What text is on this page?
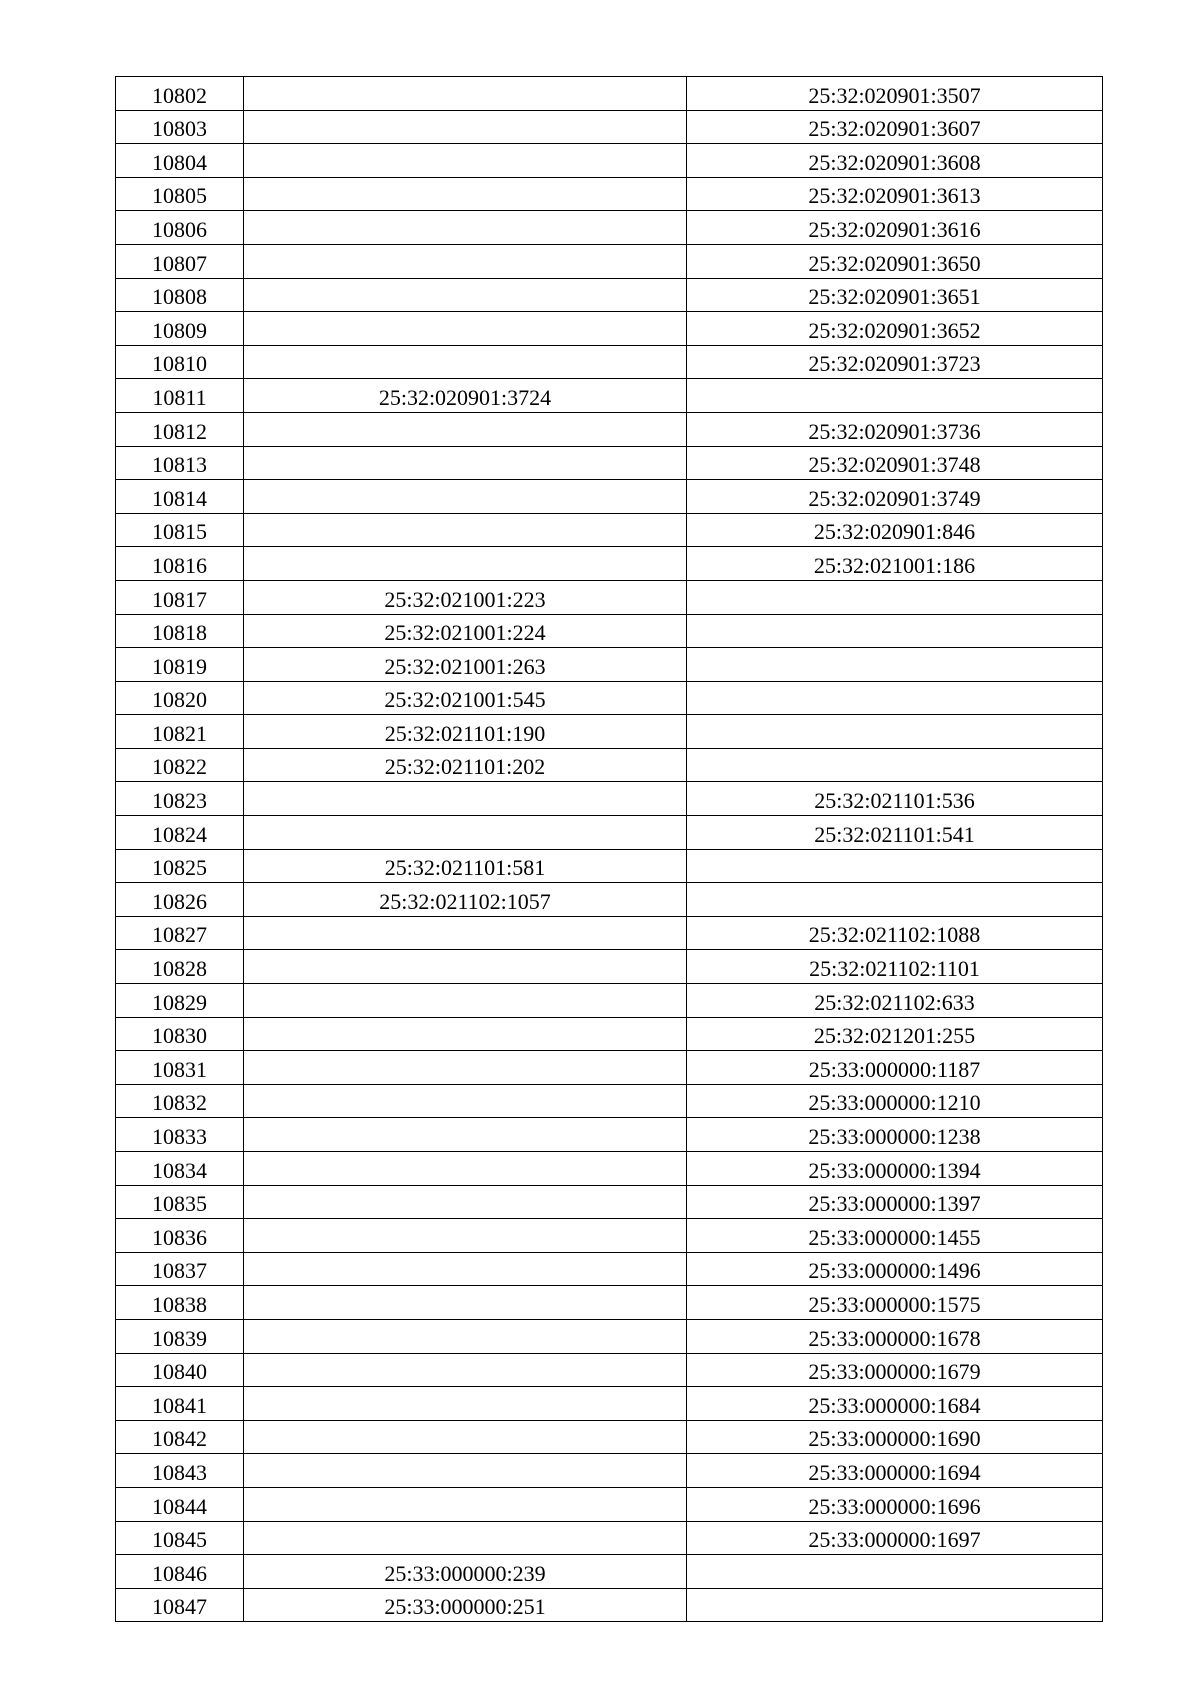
10802		25:32:020901:3507
10803		25:32:020901:3607
10804		25:32:020901:3608
10805		25:32:020901:3613
10806		25:32:020901:3616
10807		25:32:020901:3650
10808		25:32:020901:3651
10809		25:32:020901:3652
10810		25:32:020901:3723
10811	25:32:020901:3724	
10812		25:32:020901:3736
10813		25:32:020901:3748
10814		25:32:020901:3749
10815		25:32:020901:846
10816		25:32:021001:186
10817	25:32:021001:223	
10818	25:32:021001:224	
10819	25:32:021001:263	
10820	25:32:021001:545	
10821	25:32:021101:190	
10822	25:32:021101:202	
10823		25:32:021101:536
10824		25:32:021101:541
10825	25:32:021101:581	
10826	25:32:021102:1057	
10827		25:32:021102:1088
10828		25:32:021102:1101
10829		25:32:021102:633
10830		25:32:021201:255
10831		25:33:000000:1187
10832		25:33:000000:1210
10833		25:33:000000:1238
10834		25:33:000000:1394
10835		25:33:000000:1397
10836		25:33:000000:1455
10837		25:33:000000:1496
10838		25:33:000000:1575
10839		25:33:000000:1678
10840		25:33:000000:1679
10841		25:33:000000:1684
10842		25:33:000000:1690
10843		25:33:000000:1694
10844		25:33:000000:1696
10845		25:33:000000:1697
10846	25:33:000000:239	
10847	25:33:000000:251	
